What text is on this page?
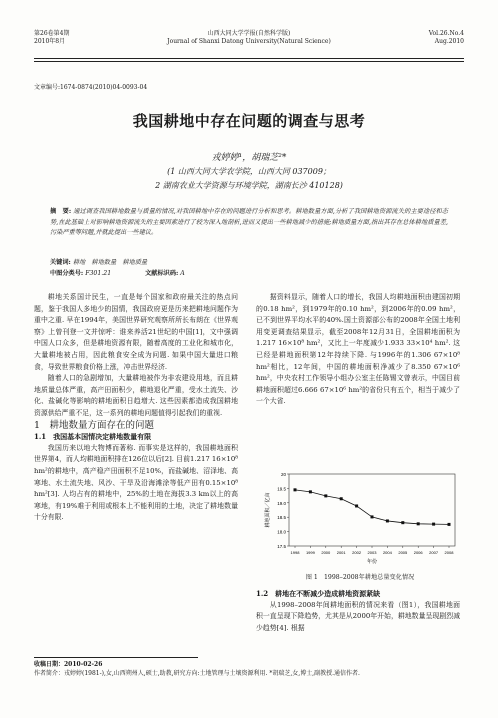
第26卷第4期
2010年8月
山西大同大学学报(自然科学版)
Journal of Shanxi Datong University(Natural Science)
Vol.26.No.4
Aug.2010
文章编号:1674-0874(2010)04-0093-04
我国耕地中存在问题的调查与思考
戎婷婷¹，胡瑞芝²*
(1 山西大同大学农学院，山西大同 037009；
2 湖南农业大学资源与环境学院，湖南长沙 410128)
摘　要: 通过调查我国耕地数量与质量的情况,对我国耕地中存在的问题进行分析和思考。耕地数量方面,分析了我国耕地资源流失的主要途径和态势,在此基础上对影响耕地资源流失的主要因素进行了较为深入地剖析,进而又提出一些耕地减少的措施;耕地质量方面,指出其存在总体耕地质量差,污染严重等问题,并就此提出一些建议。
关键词: 耕地　耕地数量　耕地质量
中图分类号: F301.21	文献标识码: A

耕地关系国计民生，一直是每个国家和政府最关注的热点问题，鉴于我国人多地少的国情，我国政府更是历来把耕地问题作为重中之重. 早在1994年，美国世界研究观察所所长布朗在《世界观察》上曾刊登一文并惊呼：谁来养活21世纪的中国[1]，文中强调中国人口众多，但是耕地资源有限，随着高度的工业化和城市化，大量耕地被占用，因此粮食安全成为问题. 如果中国大量进口粮食，导致世界粮食价格上涨，冲击世界经济.

随着人口的急剧增加，大量耕地被作为非农建设用地，而且耕地质量总体严重，高产田面积少，耕地退化严重，受水土流失、沙化、盐碱化等影响的耕地面积日趋增大. 这些因素都造成我国耕地资源供给严重不足，这一系列的耕地问题值得引起我们的重视.

1　耕地数量方面存在的问题

1.1　我国基本国情决定耕地数量有限

我国历来以地大物博而著称. 而事实是这样的，我国耕地面积世界第4，而人均耕地面积排在126位以后[2]. 目前1.217 16×10⁸ hm²的耕地中，高产稳产田面积不足10%，而盐碱地、沼泽地、高寒地、水土流失地、风沙、干旱及沿海滩涂等低产田有0.15×10⁸ hm²[3]. 人均占有的耕地中，25%的土地在海拔3.3 km以上的高寒地，有19%难于利用或根本上不能利用的土地，决定了耕地数量十分有限.

据资料显示，随着人口的增长，我国人均耕地面积由建国初期的0.18 hm²，到1979年的0.10 hm²，到2006年的0.09 hm²，已不到世界平均水平的40%.国土资源部公布的2008年全国土地利用变更调查结果显示，截至2008年12月31日，全国耕地面积为1.217 16×10⁸ hm²，又比上一年度减少1.933 33×10⁴ hm². 这已经是耕地面积第12年持续下降. 与1996年的1.306 67×10⁸ hm²相比，12年间，中国的耕地面积净减少了8.350 67×10⁶ hm²，中央农村工作领导小组办公室主任陈锡文曾表示，中国目前耕地面积超过6.666 67×10⁶ hm²的省份只有五个，相当于减少了一个大省.

17.5
18.0
18.5
19.0
19.5
20
1998 1999 2000 2001 2002 2003 2004 2005 2006 2007 2008
年份
耕地面积／亿亩
图 1　1998–2008年耕地总量变化情况

1.2　耕地在不断减少造成耕地资源紧缺

从1998–2008年间耕地面积的情况来看（图1），我国耕地面积一直呈现下降趋势，尤其是从2000年开始，耕地数量呈现剧烈减少趋势[4]. 根据

收稿日期：2010-02-26
作者简介：戎婷婷(1981-),女,山西朔州人,硕士,助教,研究方向:土地管理与土壤资源利用. *胡瑞芝,女,博士,副教授.通信作者.
